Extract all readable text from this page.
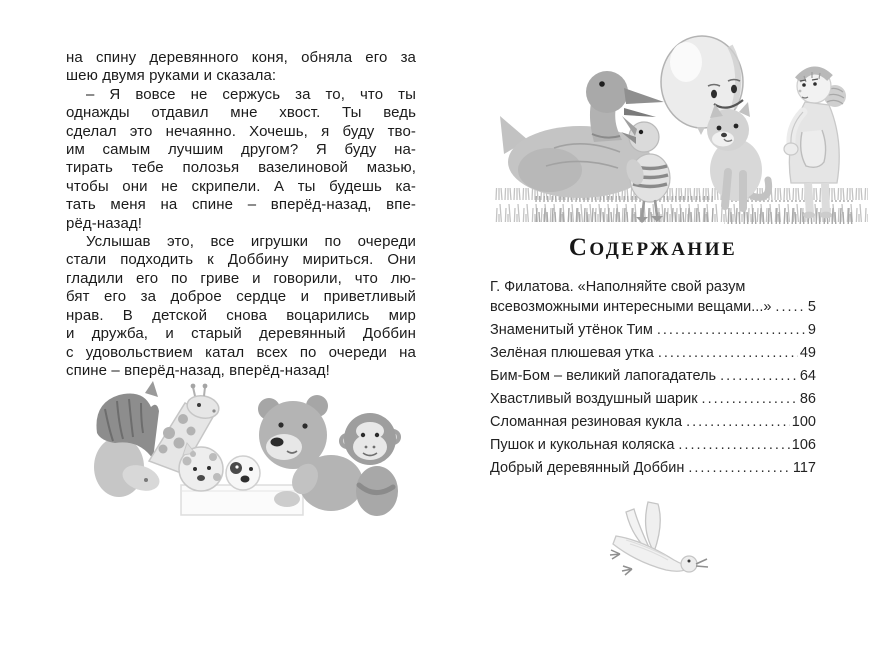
на спину деревянного коня, обняла его за
шею двумя руками и сказала:
– Я вовсе не сержусь за то, что ты
однажды отдавил мне хвост. Ты ведь
сделал это нечаянно. Хочешь, я буду тво-
им самым лучшим другом? Я буду на-
тирать тебе полозья вазелиновой мазью,
чтобы они не скрипели. А ты будешь ка-
тать меня на спине – вперёд-назад, впе-
рёд-назад!
Услышав это, все игрушки по очереди
стали подходить к Доббину мириться. Они
гладили его по гриве и говорили, что лю-
бят его за доброе сердце и приветливый
нрав. В детской снова воцарились мир
и дружба, и старый деревянный Доббин
с удовольствием катал всех по очереди на
спине – вперёд-назад, вперёд-назад!
СОДЕРЖАНИЕ
Г. Филатова. «Наполняйте свой разум
всевозможными интересными вещами...» .....	5
Знаменитый утёнок Тим .....	9
Зелёная плюшевая утка .....	49
Бим-Бом – великий лапогадатель .....	64
Хвастливый воздушный шарик .....	86
Сломанная резиновая кукла .....	100
Пушок и кукольная коляска .....	106
Добрый деревянный Доббин .....	117
